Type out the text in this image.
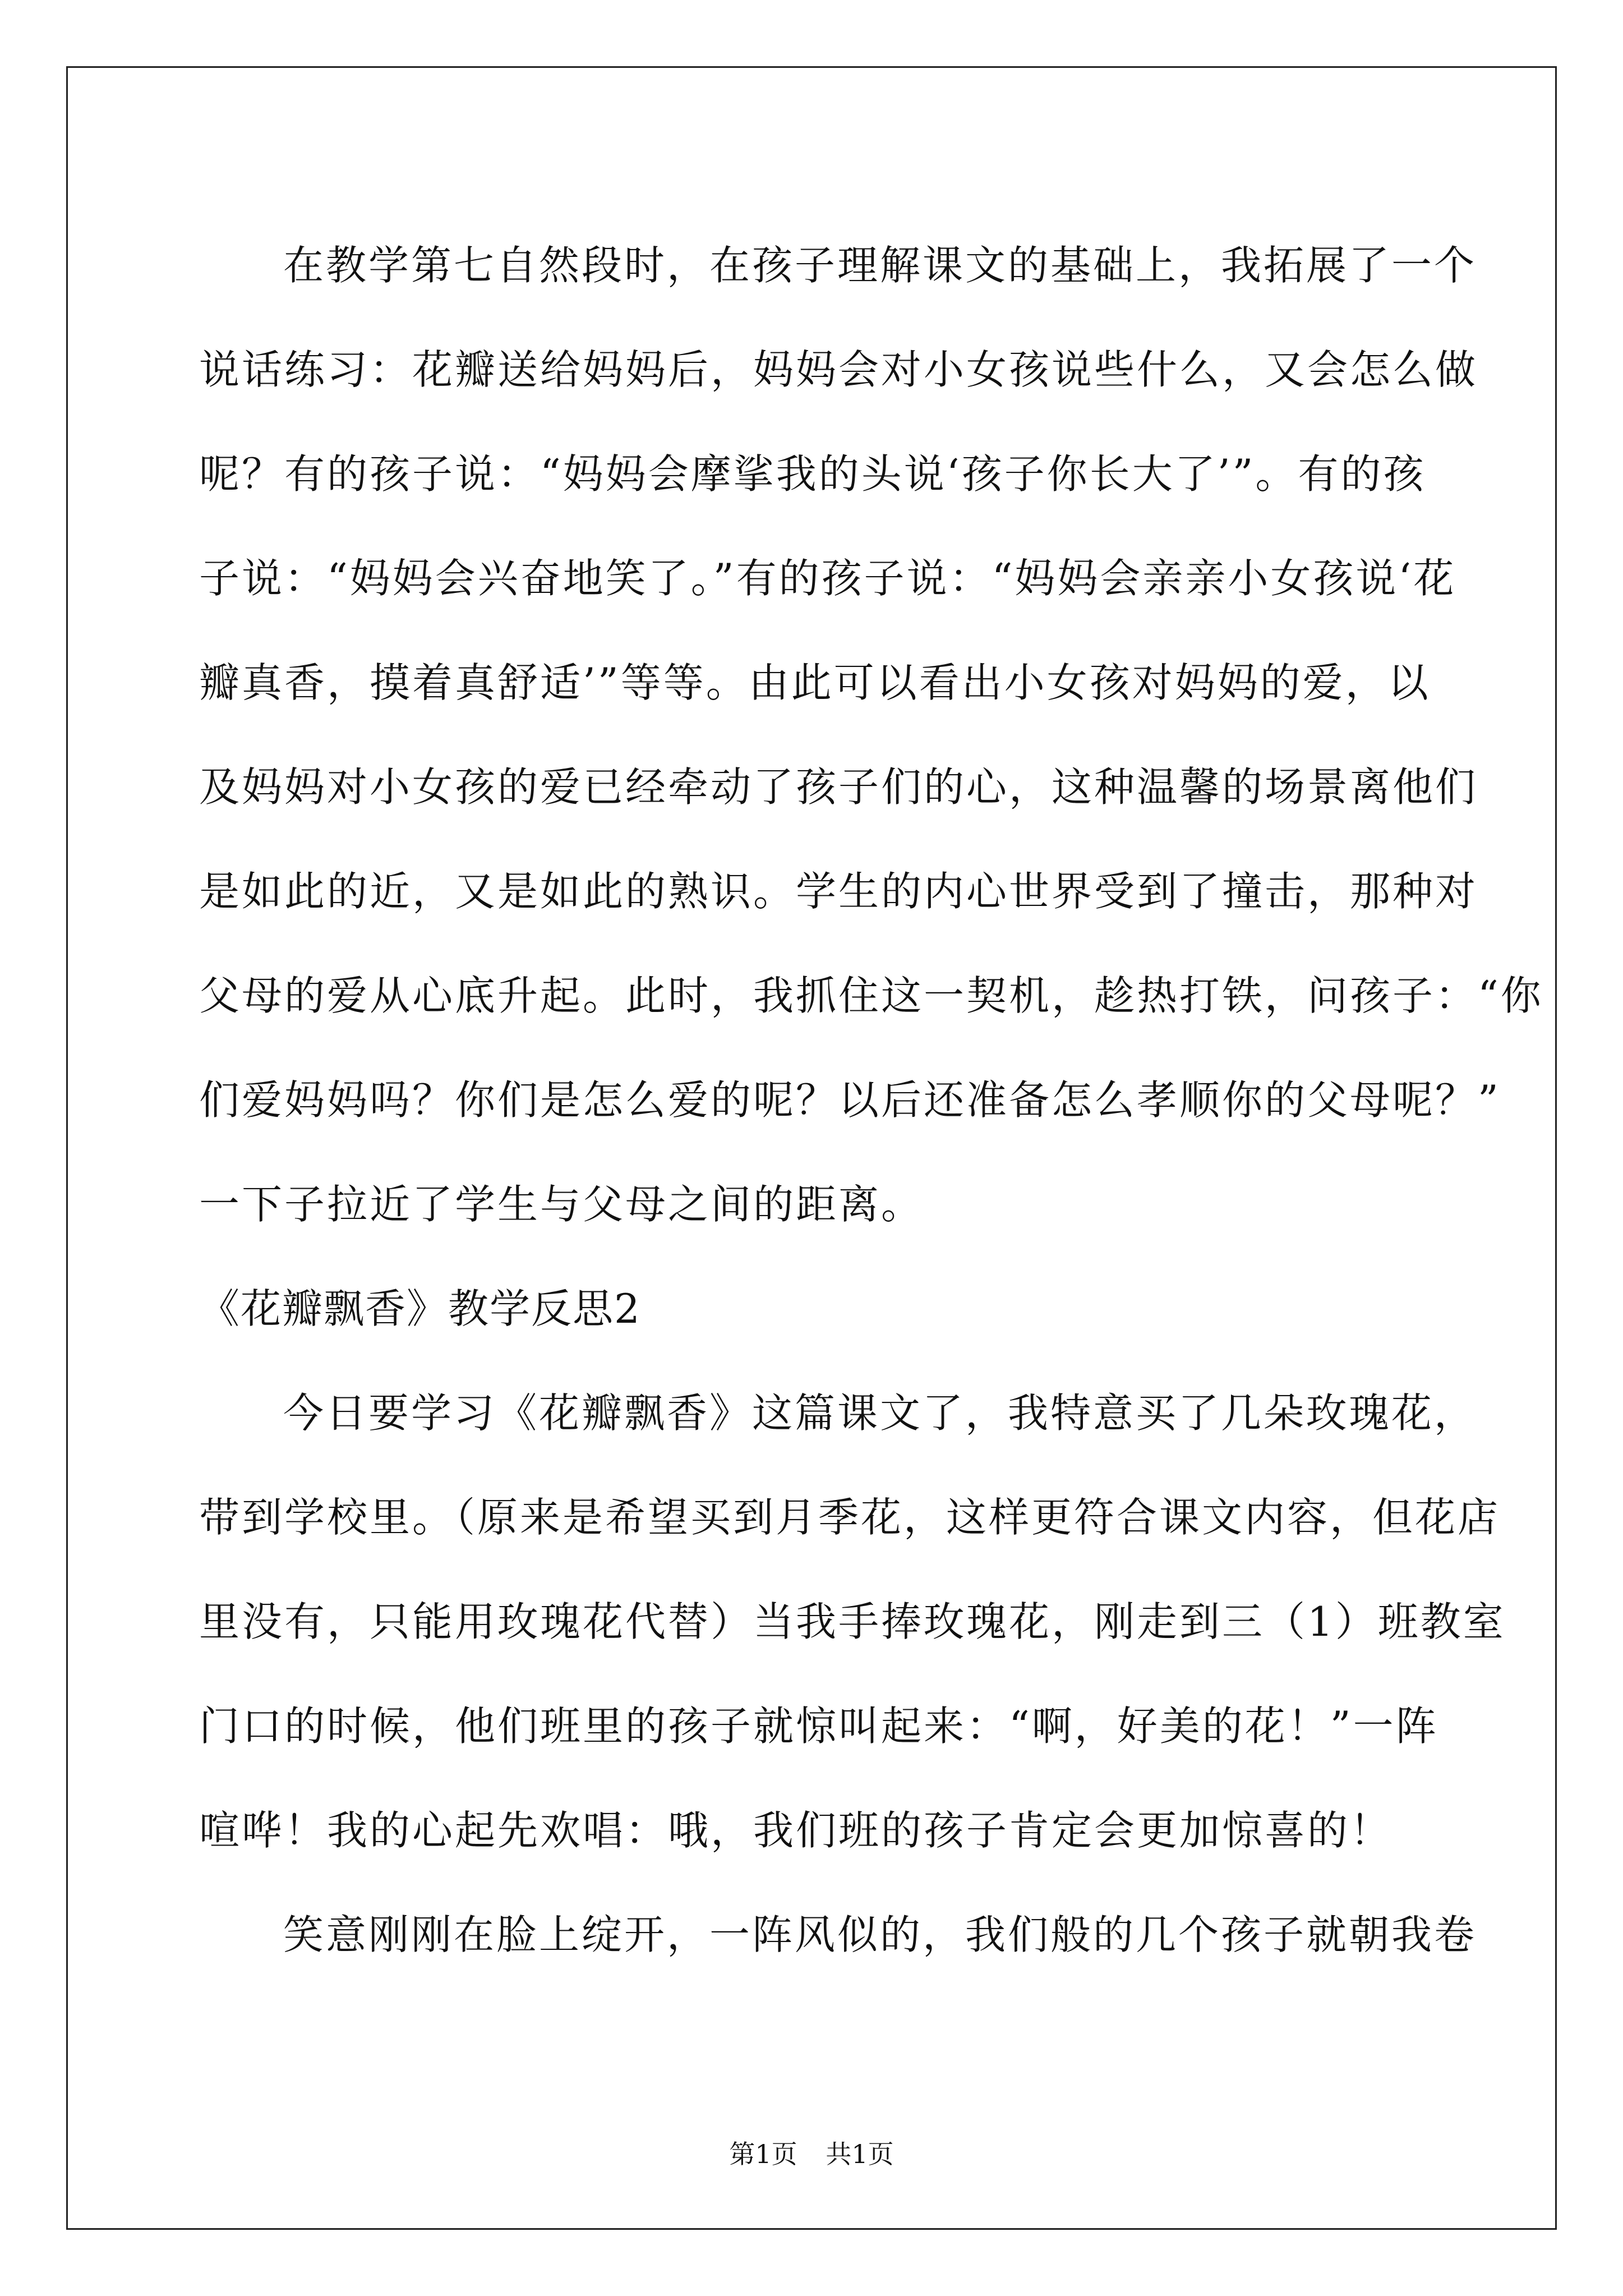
在教学第七自然段时，在孩子理解课文的基础上，我拓展了一个
说话练习：花瓣送给妈妈后，妈妈会对小女孩说些什么，又会怎么做
呢？有的孩子说：“妈妈会摩挲我的头说‘孩子你长大了’”。有的孩
子说：“妈妈会兴奋地笑了。”有的孩子说：“妈妈会亲亲小女孩说‘花
瓣真香，摸着真舒适’”等等。由此可以看出小女孩对妈妈的爱，以
及妈妈对小女孩的爱已经牵动了孩子们的心，这种温馨的场景离他们
是如此的近，又是如此的熟识。学生的内心世界受到了撞击，那种对
父母的爱从心底升起。此时，我抓住这一契机，趁热打铁，问孩子：“你
们爱妈妈吗？你们是怎么爱的呢？以后还准备怎么孝顺你的父母呢？”
一下子拉近了学生与父母之间的距离。
《花瓣飘香》教学反思2
今日要学习《花瓣飘香》这篇课文了，我特意买了几朵玫瑰花，
带到学校里。（原来是希望买到月季花，这样更符合课文内容，但花店
里没有，只能用玫瑰花代替）当我手捧玫瑰花，刚走到三（1）班教室
门口的时候，他们班里的孩子就惊叫起来：“啊，好美的花！”一阵
喧哗！我的心起先欢唱：哦，我们班的孩子肯定会更加惊喜的！
笑意刚刚在脸上绽开，一阵风似的，我们般的几个孩子就朝我卷
第1页 共1页
